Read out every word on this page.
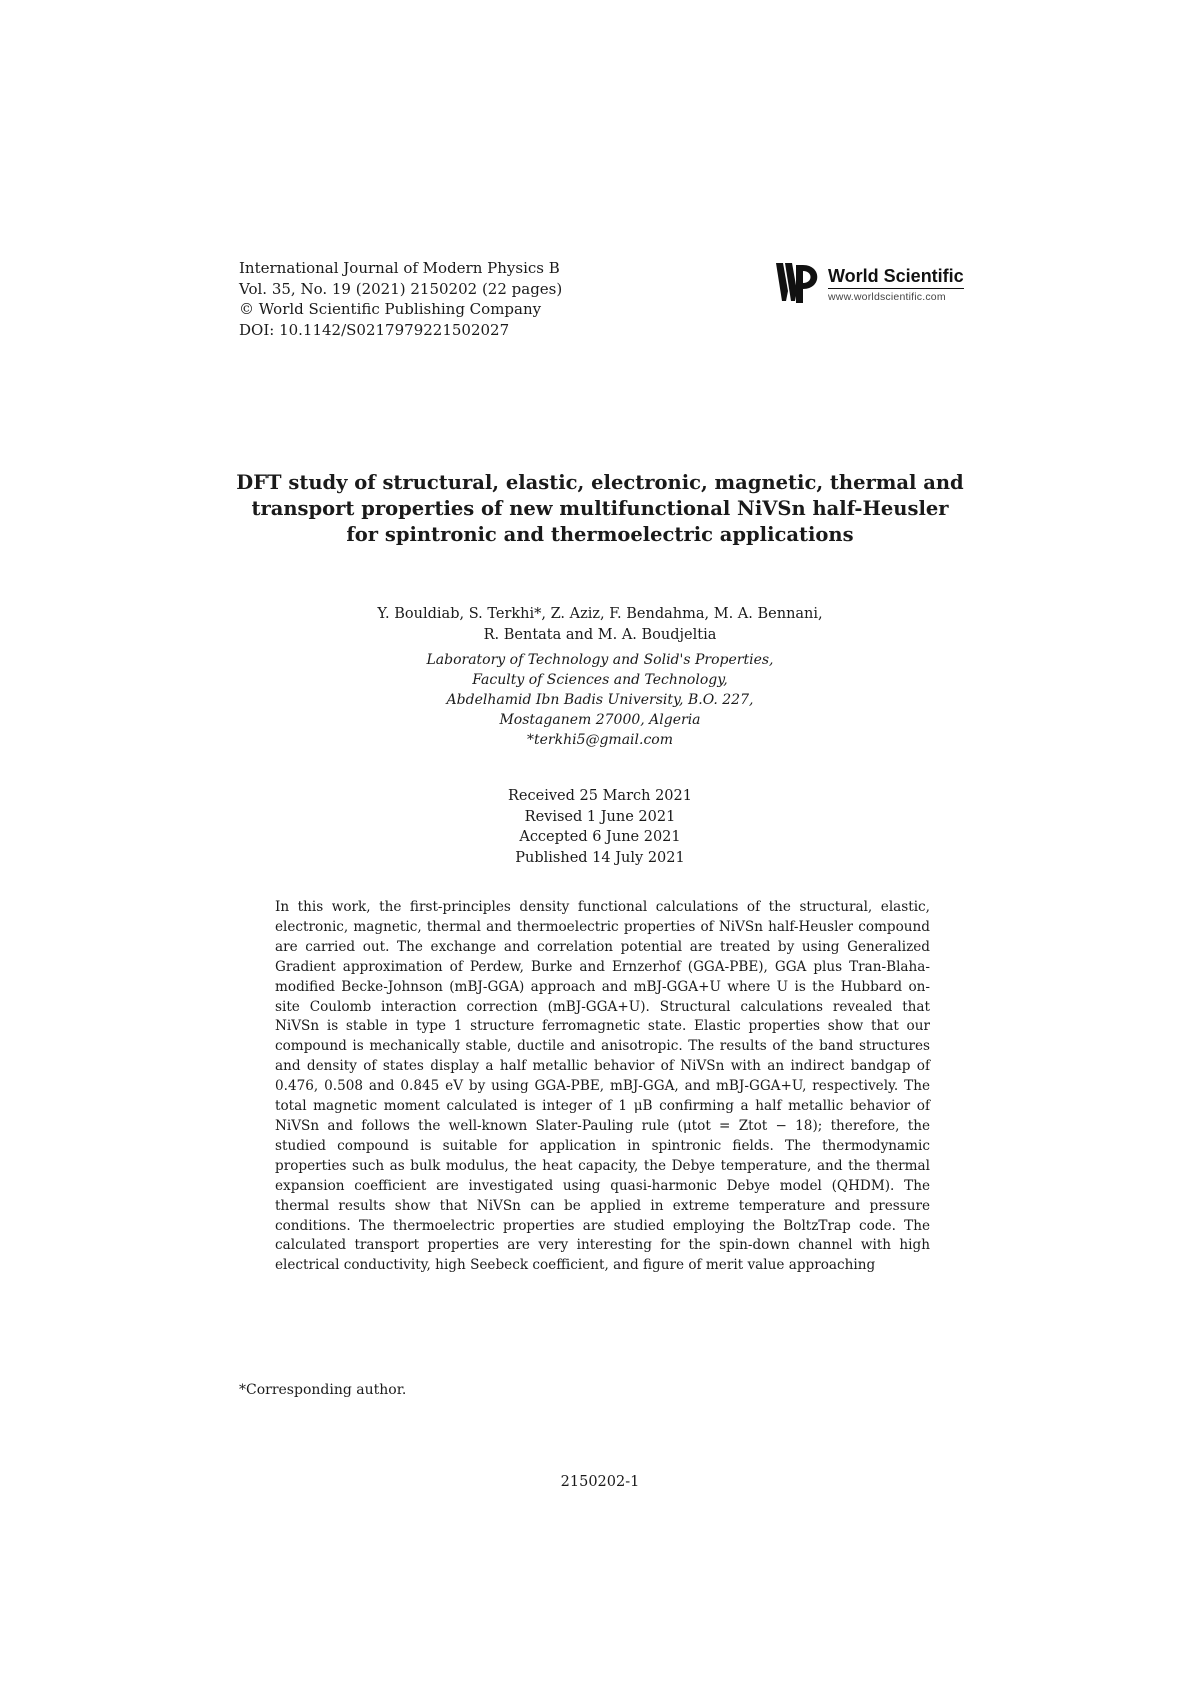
International Journal of Modern Physics B
Vol. 35, No. 19 (2021) 2150202 (22 pages)
© World Scientific Publishing Company
DOI: 10.1142/S0217979221502027
World Scientific
www.worldscientific.com
DFT study of structural, elastic, electronic, magnetic, thermal and
transport properties of new multifunctional NiVSn half-Heusler
for spintronic and thermoelectric applications
Y. Bouldiab, S. Terkhi*, Z. Aziz, F. Bendahma, M. A. Bennani,
R. Bentata and M. A. Boudjeltia
Laboratory of Technology and Solid's Properties,
Faculty of Sciences and Technology,
Abdelhamid Ibn Badis University, B.O. 227,
Mostaganem 27000, Algeria
*terkhi5@gmail.com
Received 25 March 2021
Revised 1 June 2021
Accepted 6 June 2021
Published 14 July 2021
In this work, the first-principles density functional calculations of the structural, elastic, electronic, magnetic, thermal and thermoelectric properties of NiVSn half-Heusler compound are carried out. The exchange and correlation potential are treated by using Generalized Gradient approximation of Perdew, Burke and Ernzerhof (GGA-PBE), GGA plus Tran-Blaha-modified Becke-Johnson (mBJ-GGA) approach and mBJ-GGA+U where U is the Hubbard on-site Coulomb interaction correction (mBJ-GGA+U). Structural calculations revealed that NiVSn is stable in type 1 structure ferromagnetic state. Elastic properties show that our compound is mechanically stable, ductile and anisotropic. The results of the band structures and density of states display a half metallic behavior of NiVSn with an indirect bandgap of 0.476, 0.508 and 0.845 eV by using GGA-PBE, mBJ-GGA, and mBJ-GGA+U, respectively. The total magnetic moment calculated is integer of 1 μB confirming a half metallic behavior of NiVSn and follows the well-known Slater-Pauling rule (μtot = Ztot − 18); therefore, the studied compound is suitable for application in spintronic fields. The thermodynamic properties such as bulk modulus, the heat capacity, the Debye temperature, and the thermal expansion coefficient are investigated using quasi-harmonic Debye model (QHDM). The thermal results show that NiVSn can be applied in extreme temperature and pressure conditions. The thermoelectric properties are studied employing the BoltzTrap code. The calculated transport properties are very interesting for the spin-down channel with high electrical conductivity, high Seebeck coefficient, and figure of merit value approaching
*Corresponding author.
2150202-1
